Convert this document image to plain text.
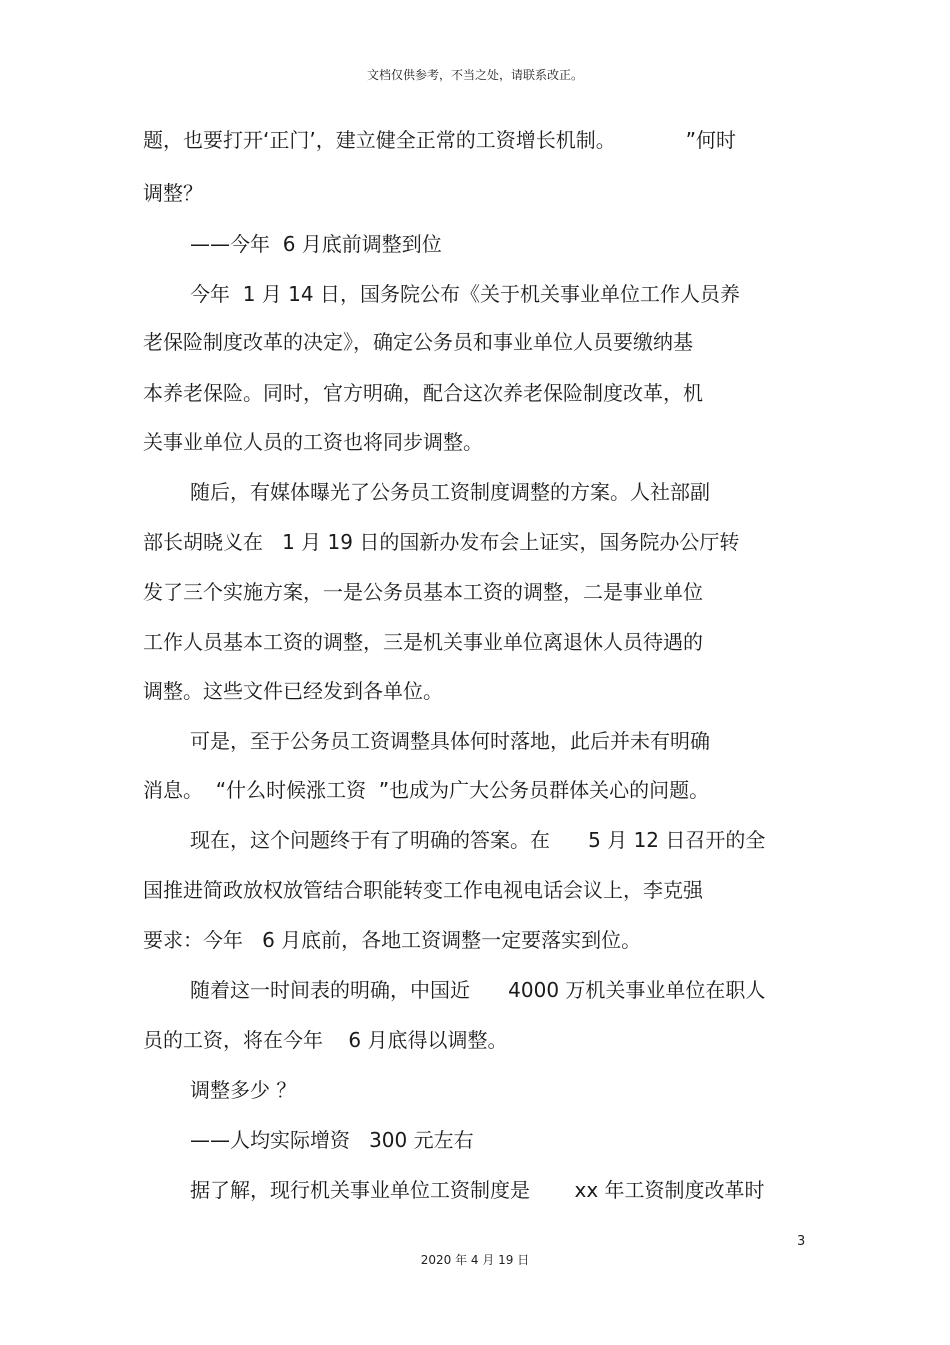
文档仅供参考，不当之处，请联系改正。
题，也要打开‘正门’，建立健全正常的工资增长机制。           ”何时
调整？
——今年  6 月底前调整到位
今年  1 月 14 日，国务院公布《关于机关事业单位工作人员养
老保险制度改革的决定》，确定公务员和事业单位人员要缴纳基
本养老保险。同时，官方明确，配合这次养老保险制度改革，机
关事业单位人员的工资也将同步调整。
随后，有媒体曝光了公务员工资制度调整的方案。人社部副
部长胡晓义在   1 月 19 日的国新办发布会上证实，国务院办公厅转
发了三个实施方案，一是公务员基本工资的调整，二是事业单位
工作人员基本工资的调整，三是机关事业单位离退休人员待遇的
调整。这些文件已经发到各单位。
可是，至于公务员工资调整具体何时落地，此后并未有明确
消息。  “什么时候涨工资  ”也成为广大公务员群体关心的问题。
现在，这个问题终于有了明确的答案。在      5 月 12 日召开的全
国推进简政放权放管结合职能转变工作电视电话会议上，李克强
要求：今年   6 月底前，各地工资调整一定要落实到位。
随着这一时间表的明确，中国近      4000 万机关事业单位在职人
员的工资，将在今年    6 月底得以调整。
调整多少 ？
——人均实际增资   300 元左右
据了解，现行机关事业单位工资制度是       xx 年工资制度改革时
3
2020 年 4 月 19 日
